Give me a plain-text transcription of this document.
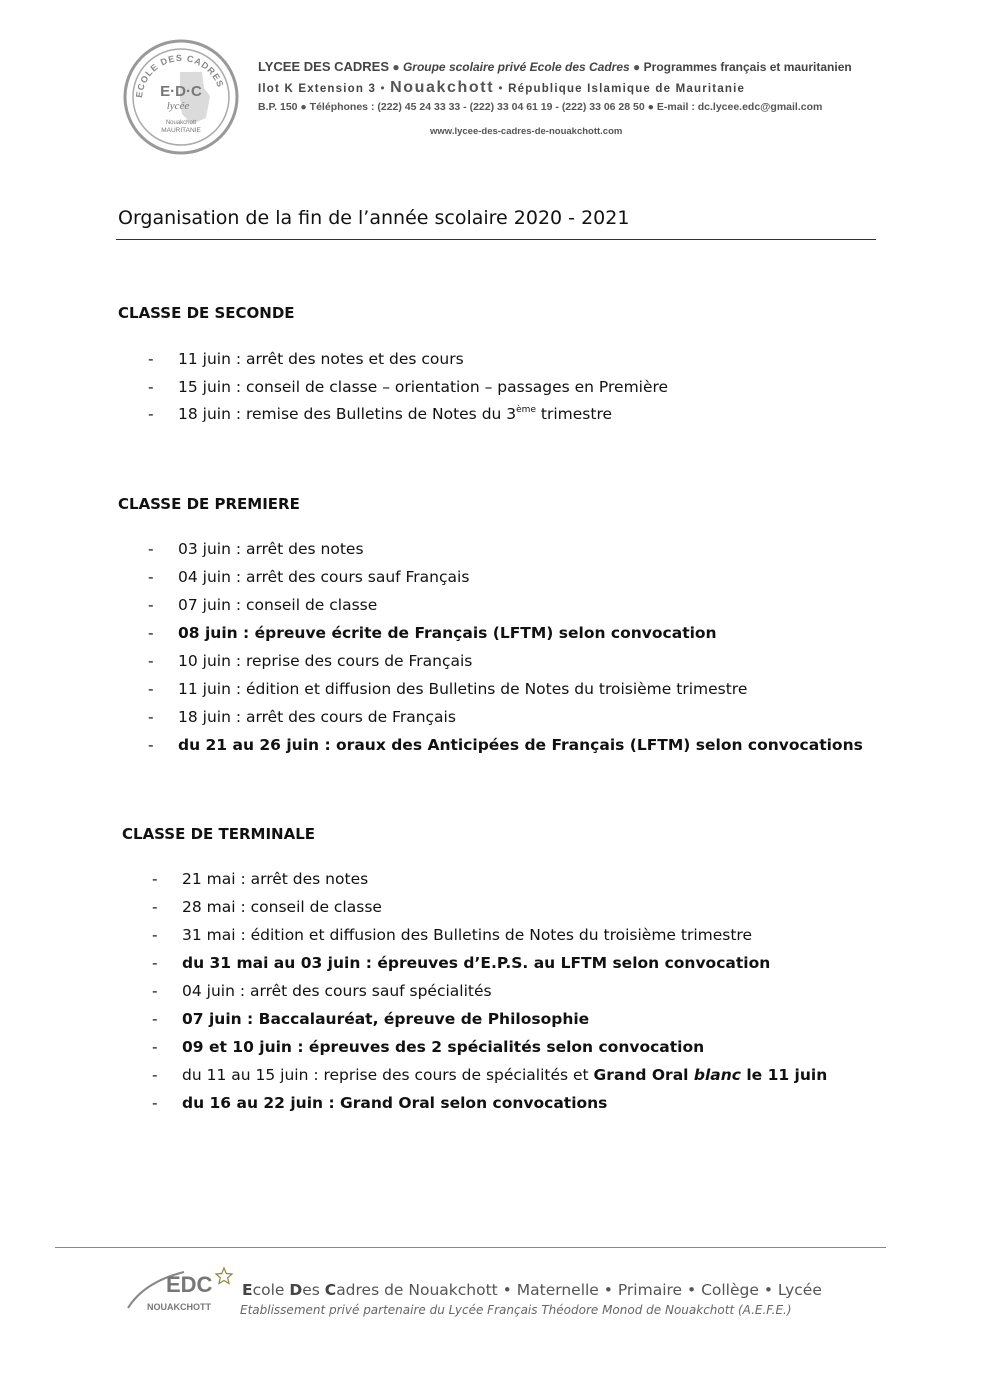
ECOLE DES CADRES
E·D·C
lycée
Nouakchott
MAURITANIE
LYCEE DES CADRES ● Groupe scolaire privé Ecole des Cadres ● Programmes français et mauritanien
Ilot K Extension 3 • Nouakchott • République Islamique de Mauritanie
B.P. 150 ● Téléphones : (222) 45 24 33 33 - (222) 33 04 61 19 - (222) 33 06 28 50 ● E-mail : dc.lycee.edc@gmail.com
www.lycee-des-cadres-de-nouakchott.com
Organisation de la fin de l’année scolaire 2020 - 2021
CLASSE DE SECONDE
- 11 juin : arrêt des notes et des cours
- 15 juin : conseil de classe – orientation – passages en Première
- 18 juin : remise des Bulletins de Notes du 3ème trimestre
CLASSE DE PREMIERE
- 03 juin : arrêt des notes
- 04 juin : arrêt des cours sauf Français
- 07 juin : conseil de classe
- 08 juin : épreuve écrite de Français (LFTM) selon convocation
- 10 juin : reprise des cours de Français
- 11 juin : édition et diffusion des Bulletins de Notes du troisième trimestre
- 18 juin : arrêt des cours de Français
- du 21 au 26 juin : oraux des Anticipées de Français (LFTM) selon convocations
CLASSE DE TERMINALE
- 21 mai : arrêt des notes
- 28 mai : conseil de classe
- 31 mai : édition et diffusion des Bulletins de Notes du troisième trimestre
- du 31 mai au 03 juin : épreuves d’E.P.S. au LFTM selon convocation
- 04 juin : arrêt des cours sauf spécialités
- 07 juin : Baccalauréat, épreuve de Philosophie
- 09 et 10 juin : épreuves des 2 spécialités selon convocation
- du 11 au 15 juin : reprise des cours de spécialités et Grand Oral blanc le 11 juin
- du 16 au 22 juin : Grand Oral selon convocations
EDC
NOUAKCHOTT
Ecole Des Cadres de Nouakchott • Maternelle • Primaire • Collège • Lycée
Etablissement privé partenaire du Lycée Français Théodore Monod de Nouakchott (A.E.F.E.)
